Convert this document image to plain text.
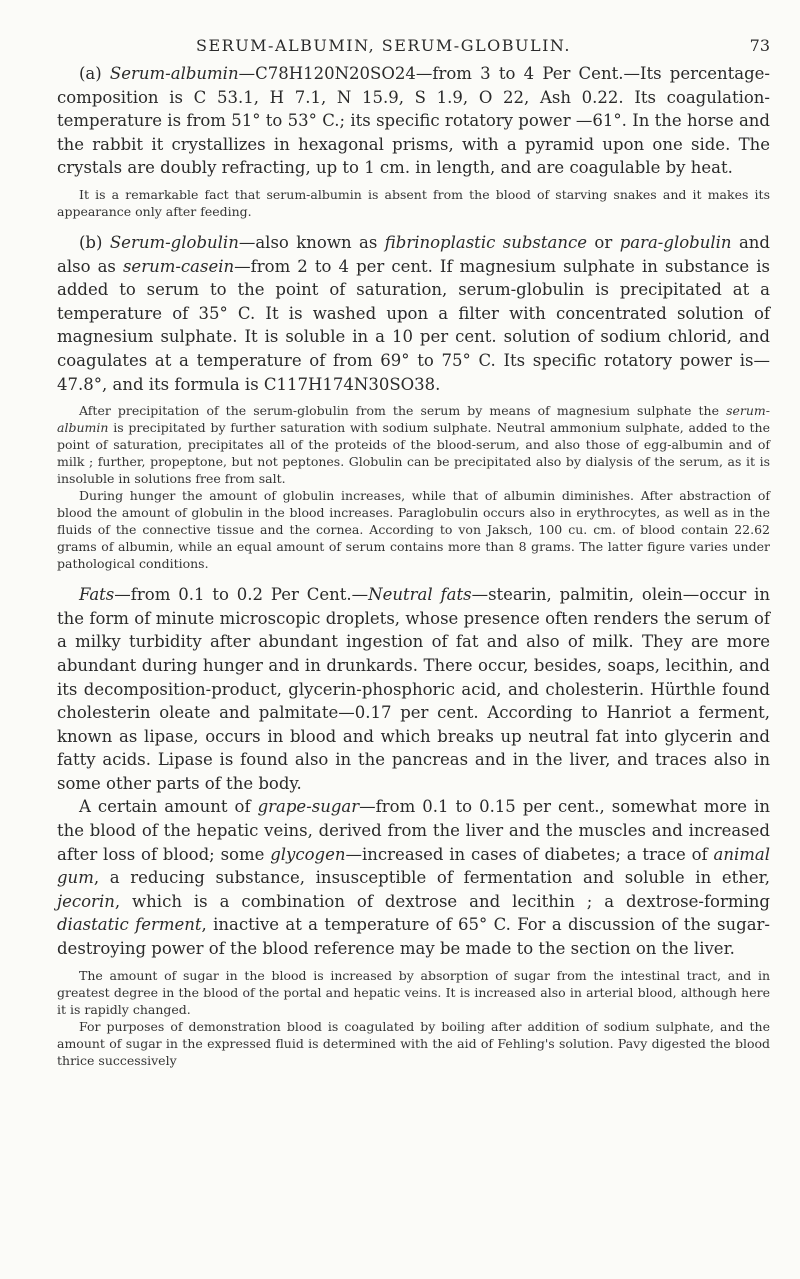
SERUM-ALBUMIN, SERUM-GLOBULIN.	73

(a) Serum-albumin—C78H120N20SO24—from 3 to 4 Per Cent.—Its percentage-composition is C 53.1, H 7.1, N 15.9, S 1.9, O 22, Ash 0.22. Its coagulation-temperature is from 51° to 53° C.; its specific rotatory power —61°. In the horse and the rabbit it crystallizes in hexagonal prisms, with a pyramid upon one side. The crystals are doubly refracting, up to 1 cm. in length, and are coagulable by heat.

It is a remarkable fact that serum-albumin is absent from the blood of starving snakes and it makes its appearance only after feeding.

(b) Serum-globulin—also known as fibrinoplastic substance or para-globulin and also as serum-casein—from 2 to 4 per cent. If magnesium sulphate in substance is added to serum to the point of saturation, serum-globulin is precipitated at a temperature of 35° C. It is washed upon a filter with concentrated solution of magnesium sulphate. It is soluble in a 10 per cent. solution of sodium chlorid, and coagulates at a temperature of from 69° to 75° C. Its specific rotatory power is—47.8°, and its formula is C117H174N30SO38.

After precipitation of the serum-globulin from the serum by means of magnesium sulphate the serum-albumin is precipitated by further saturation with sodium sulphate. Neutral ammonium sulphate, added to the point of saturation, precipitates all of the proteids of the blood-serum, and also those of egg-albumin and of milk ; further, propeptone, but not peptones. Globulin can be precipitated also by dialysis of the serum, as it is insoluble in solutions free from salt.

During hunger the amount of globulin increases, while that of albumin diminishes. After abstraction of blood the amount of globulin in the blood increases. Paraglobulin occurs also in erythrocytes, as well as in the fluids of the connective tissue and the cornea. According to von Jaksch, 100 cu. cm. of blood contain 22.62 grams of albumin, while an equal amount of serum contains more than 8 grams. The latter figure varies under pathological conditions.

Fats—from 0.1 to 0.2 Per Cent.—Neutral fats—stearin, palmitin, olein—occur in the form of minute microscopic droplets, whose presence often renders the serum of a milky turbidity after abundant ingestion of fat and also of milk. They are more abundant during hunger and in drunkards. There occur, besides, soaps, lecithin, and its decomposition-product, glycerin-phosphoric acid, and cholesterin. Hürthle found cholesterin oleate and palmitate—0.17 per cent. According to Hanriot a ferment, known as lipase, occurs in blood and which breaks up neutral fat into glycerin and fatty acids. Lipase is found also in the pancreas and in the liver, and traces also in some other parts of the body.

A certain amount of grape-sugar—from 0.1 to 0.15 per cent., somewhat more in the blood of the hepatic veins, derived from the liver and the muscles and increased after loss of blood; some glycogen—increased in cases of diabetes; a trace of animal gum, a reducing substance, insusceptible of fermentation and soluble in ether, jecorin, which is a combination of dextrose and lecithin ; a dextrose-forming diastatic ferment, inactive at a temperature of 65° C. For a discussion of the sugar-destroying power of the blood reference may be made to the section on the liver.

The amount of sugar in the blood is increased by absorption of sugar from the intestinal tract, and in greatest degree in the blood of the portal and hepatic veins. It is increased also in arterial blood, although here it is rapidly changed.

For purposes of demonstration blood is coagulated by boiling after addition of sodium sulphate, and the amount of sugar in the expressed fluid is determined with the aid of Fehling's solution. Pavy digested the blood thrice successively
